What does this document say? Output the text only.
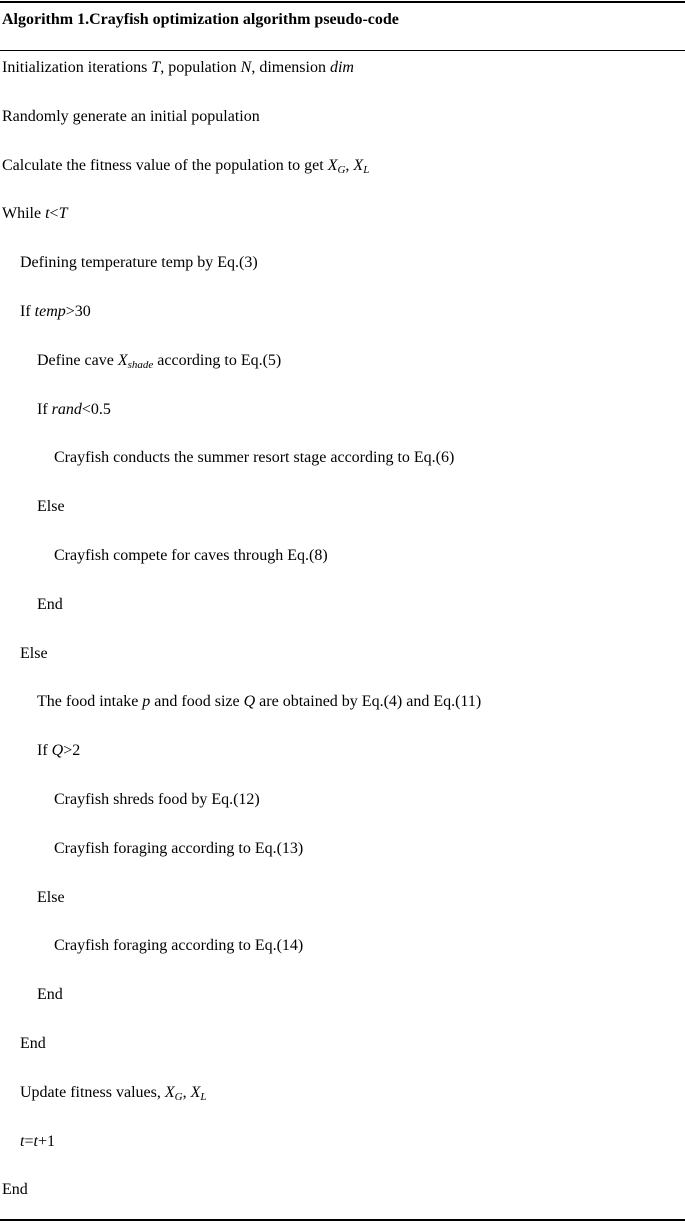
Algorithm 1.Crayfish optimization algorithm pseudo-code
Initialization iterations T, population N, dimension dim
Randomly generate an initial population
Calculate the fitness value of the population to get $X_G$, $X_L$
While t<T
Defining temperature temp by Eq.(3)
If temp>30
Define cave $X_{shade}$ according to Eq.(5)
If rand<0.5
Crayfish conducts the summer resort stage according to Eq.(6)
Else
Crayfish compete for caves through Eq.(8)
End
Else
The food intake p and food size Q are obtained by Eq.(4) and Eq.(11)
If Q>2
Crayfish shreds food by Eq.(12)
Crayfish foraging according to Eq.(13)
Else
Crayfish foraging according to Eq.(14)
End
End
Update fitness values, $X_G$, $X_L$
t=t+1
End
